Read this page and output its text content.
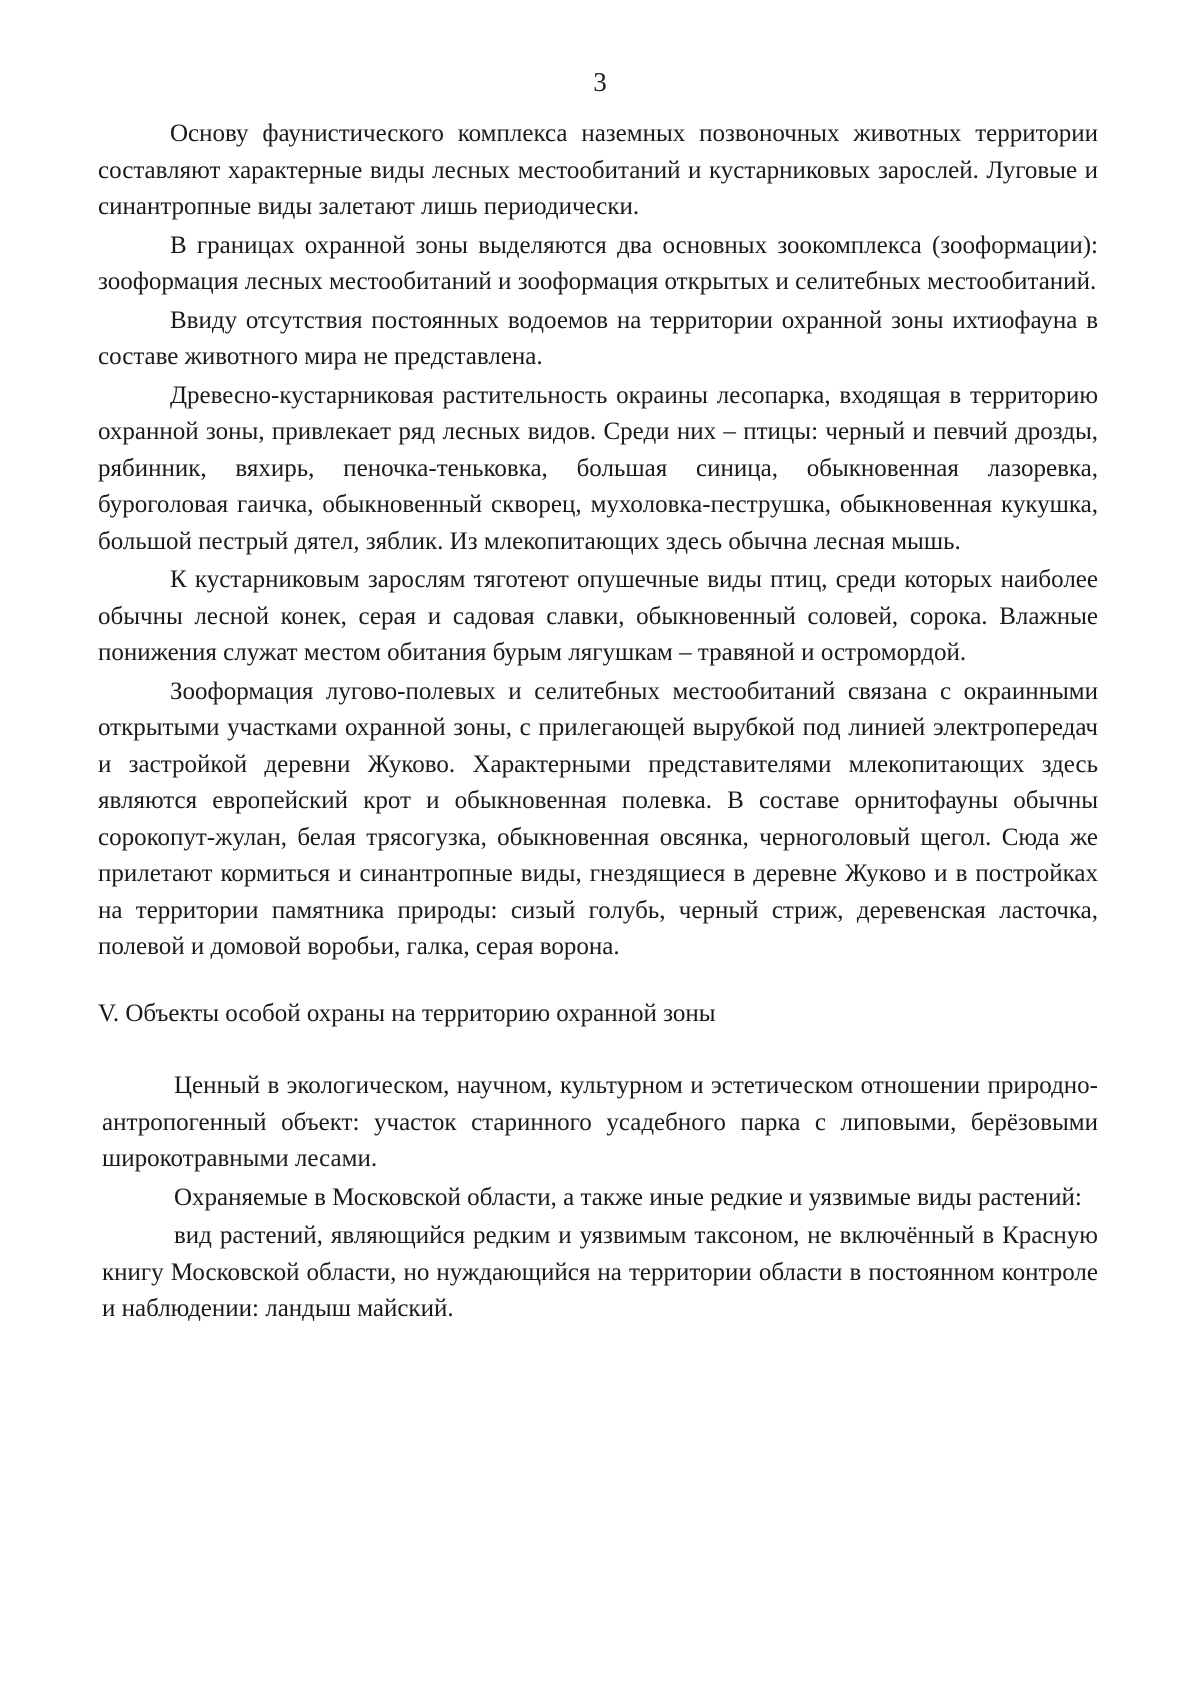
3

Основу фаунистического комплекса наземных позвоночных животных территории составляют характерные виды лесных местообитаний и кустарниковых зарослей. Луговые и синантропные виды залетают лишь периодически.

В границах охранной зоны выделяются два основных зоокомплекса (зооформации): зооформация лесных местообитаний и зооформация открытых и селитебных местообитаний.

Ввиду отсутствия постоянных водоемов на территории охранной зоны ихтиофауна в составе животного мира не представлена.

Древесно-кустарниковая растительность окраины лесопарка, входящая в территорию охранной зоны, привлекает ряд лесных видов. Среди них – птицы: черный и певчий дрозды, рябинник, вяхирь, пеночка-теньковка, большая синица, обыкновенная лазоревка, буроголовая гаичка, обыкновенный скворец, мухоловка-пеструшка, обыкновенная кукушка, большой пестрый дятел, зяблик. Из млекопитающих здесь обычна лесная мышь.

К кустарниковым зарослям тяготеют опушечные виды птиц, среди которых наиболее обычны лесной конек, серая и садовая славки, обыкновенный соловей, сорока. Влажные понижения служат местом обитания бурым лягушкам – травяной и остромордой.

Зооформация лугово-полевых и селитебных местообитаний связана с окраинными открытыми участками охранной зоны, с прилегающей вырубкой под линией электропередач и застройкой деревни Жуково. Характерными представителями млекопитающих здесь являются европейский крот и обыкновенная полевка. В составе орнитофауны обычны сорокопут-жулан, белая трясогузка, обыкновенная овсянка, черноголовый щегол. Сюда же прилетают кормиться и синантропные виды, гнездящиеся в деревне Жуково и в постройках на территории памятника природы: сизый голубь, черный стриж, деревенская ласточка, полевой и домовой воробьи, галка, серая ворона.

V. Объекты особой охраны на территорию охранной зоны

Ценный в экологическом, научном, культурном и эстетическом отношении природно-антропогенный объект: участок старинного усадебного парка с липовыми, берёзовыми широкотравными лесами.

Охраняемые в Московской области, а также иные редкие и уязвимые виды растений:

вид растений, являющийся редким и уязвимым таксоном, не включённый в Красную книгу Московской области, но нуждающийся на территории области в постоянном контроле и наблюдении: ландыш майский.
